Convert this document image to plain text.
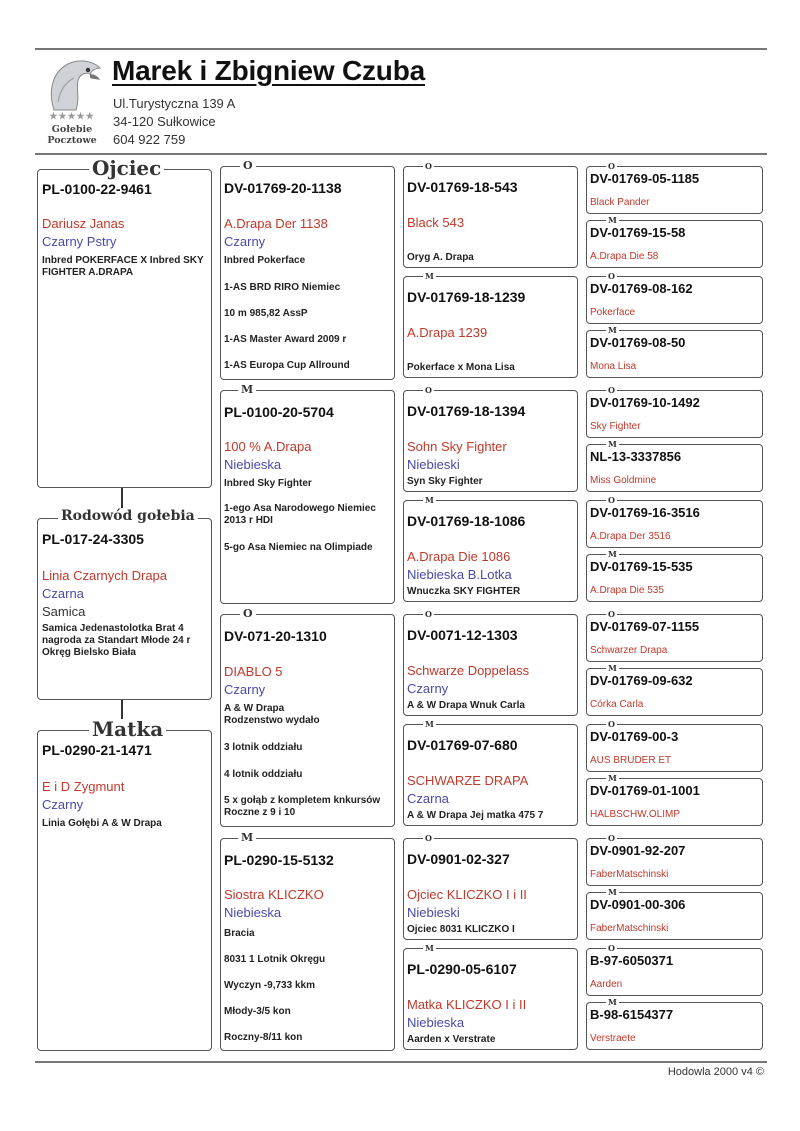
★★★★★
Gołebie
Pocztowe
Marek i Zbigniew Czuba
Ul.Turystyczna 139 A
34-120 Sułkowice
604 922 759
PL-0100-22-9461
Dariusz Janas
Czarny Pstry
Inbred POKERFACE X Inbred SKY FIGHTER A.DRAPA
Ojciec
PL-017-24-3305
Linia Czarnych Drapa
Czarna
Samica
Samica Jedenastolotka Brat 4 nagroda za Standart Młode 24 r Okręg Bielsko Biała
Rodowód gołebia
PL-0290-21-1471
E i D Zygmunt
Czarny
Linia Gołębi A & W Drapa
Matka
DV-01769-20-1138
A.Drapa Der 1138
Czarny
Inbred Pokerface
1-AS BRD RIRO Niemiec
10 m 985,82 AssP
1-AS Master Award 2009 r
1-AS Europa Cup Allround
O
PL-0100-20-5704
100 % A.Drapa
Niebieska
Inbred Sky Fighter
1-ego Asa Narodowego Niemiec 2013 r HDI
5-go Asa Niemiec na Olimpiade
M
DV-071-20-1310
DIABLO 5
Czarny
A & W Drapa Rodzenstwo wydało
3 lotnik oddziału
4 lotnik oddziału
5 x gołąb z kompletem knkursów Roczne z 9 i 10
O
PL-0290-15-5132
Siostra KLICZKO
Niebieska
Bracia
8031 1 Lotnik Okręgu
Wyczyn -9,733 kkm
Młody-3/5 kon
Roczny-8/11 kon
M
DV-01769-18-543
Black 543
Oryg A. Drapa
O
DV-01769-18-1239
A.Drapa 1239
Pokerface x Mona Lisa
M
DV-01769-18-1394
Sohn Sky Fighter
Niebieski
Syn Sky Fighter
O
DV-01769-18-1086
A.Drapa Die 1086
Niebieska B.Lotka
Wnuczka SKY FIGHTER
M
DV-0071-12-1303
Schwarze Doppelass
Czarny
A & W Drapa Wnuk Carla
O
DV-01769-07-680
SCHWARZE DRAPA
Czarna
A & W Drapa Jej matka 475 7
M
DV-0901-02-327
Ojciec KLICZKO I i II
Niebieski
Ojciec 8031 KLICZKO I
O
PL-0290-05-6107
Matka KLICZKO I i II
Niebieska
Aarden x Verstrate
M
DV-01769-05-1185
Black Pander
O
DV-01769-15-58
A.Drapa Die 58
M
DV-01769-08-162
Pokerface
O
DV-01769-08-50
Mona Lisa
M
DV-01769-10-1492
Sky Fighter
O
NL-13-3337856
Miss Goldmine
M
DV-01769-16-3516
A.Drapa Der 3516
O
DV-01769-15-535
A.Drapa Die 535
M
DV-01769-07-1155
Schwarzer Drapa
O
DV-01769-09-632
Córka Carla
M
DV-01769-00-3
AUS BRUDER ET
O
DV-01769-01-1001
HALBSCHW.OLIMP
M
DV-0901-92-207
FaberMatschinski
O
DV-0901-00-306
FaberMatschinski
M
B-97-6050371
Aarden
O
B-98-6154377
Verstraete
M
Hodowla 2000 v4 ©
